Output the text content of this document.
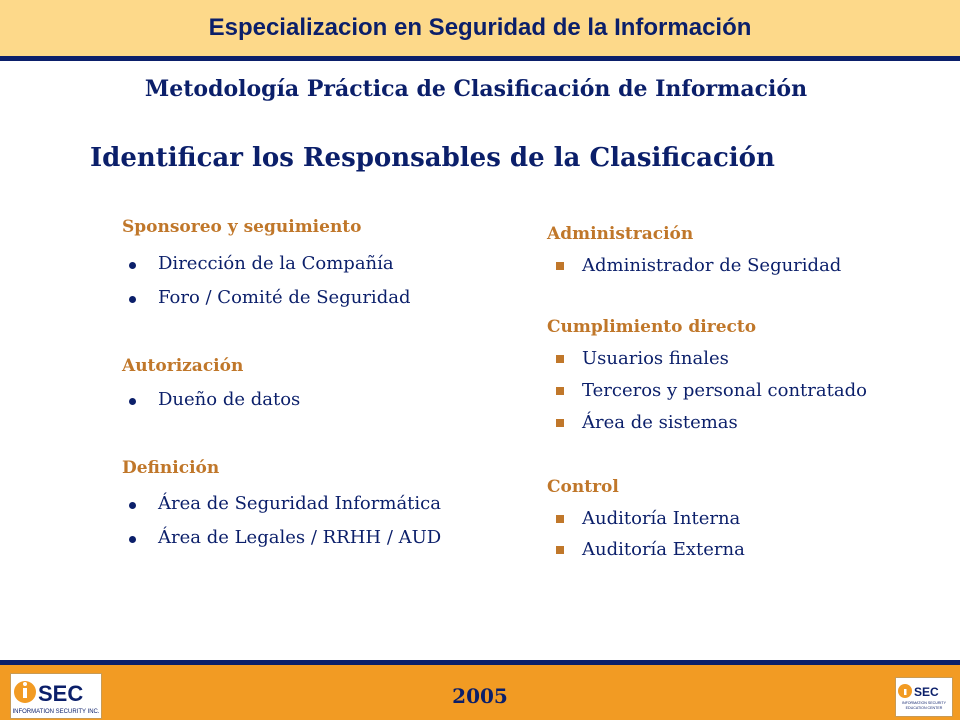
Especializacion en Seguridad de la Información
Metodología Práctica de Clasificación de Información
Identificar los Responsables de la Clasificación
Sponsoreo y seguimiento
Dirección de la Compañía
Foro / Comité de Seguridad
Autorización
Dueño de datos
Definición
Área de Seguridad Informática
Área de Legales / RRHH / AUD
Administración
Administrador de Seguridad
Cumplimiento directo
Usuarios finales
Terceros y personal contratado
Área de sistemas
Control
Auditoría Interna
Auditoría Externa
2005
SEC
INFORMATION SECURITY INC.
SEC
INFORMATION SECURITY
EDUCATION CENTER
